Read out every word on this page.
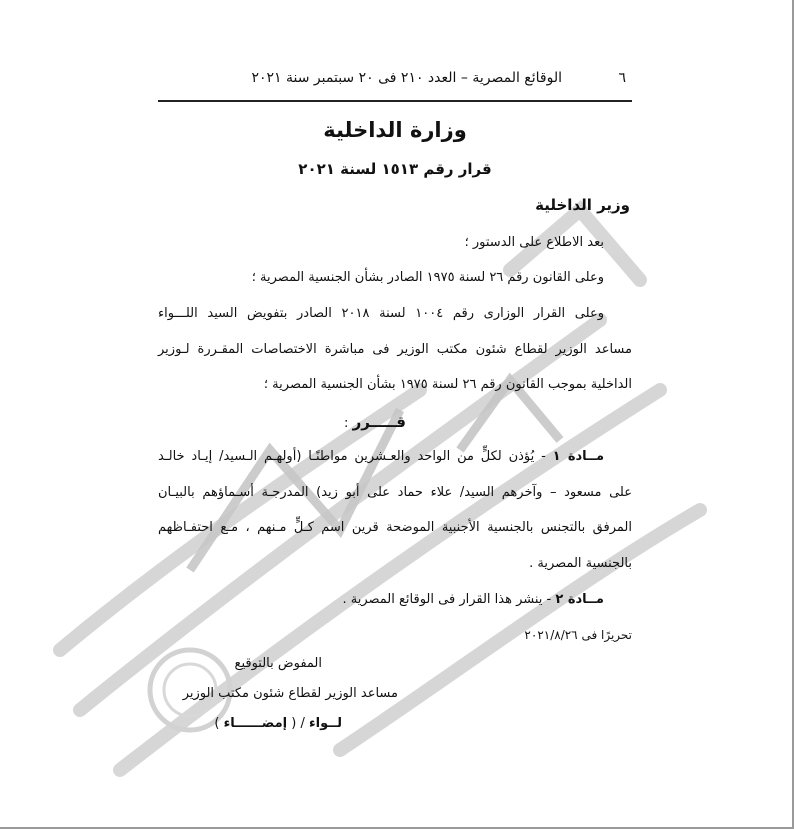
٦
الوقائع المصرية – العدد ٢١٠ فى ٢٠ سبتمبر سنة ٢٠٢١
وزارة الداخلية
قرار رقم ١٥١٣ لسنة ٢٠٢١
وزير الداخلية
بعد الاطلاع على الدستور ؛
وعلى القانون رقم ٢٦ لسنة ١٩٧٥ الصادر بشأن الجنسية المصرية ؛
وعلى القرار الوزارى رقم ١٠٠٤ لسنة ٢٠١٨ الصادر بتفويض السيد اللـــواء
مساعد الوزير لقطاع شئون مكتب الوزير فى مباشرة الاختصاصات المقـررة لـوزير
الداخلية بموجب القانون رقم ٢٦ لسنة ١٩٧٥ بشأن الجنسية المصرية ؛
قـــــرر :
مــادة ١ - يُؤذن لكلٍّ من الواحد والعـشرين مواطنًـا (أولهـم الـسيد/ إيـاد خالـد
على مسعود – وآخرهم السيد/ علاء حماد على أبو زيد) المدرجـة أسـماؤهم بالبيـان
المرفق بالتجنس بالجنسية الأجنبية الموضحة قرين اسم كـلٍّ مـنهم ، مـع احتفـاظهم
بالجنسية المصرية .
مــادة ٢ - ينشر هذا القرار فى الوقائع المصرية .
تحريرًا فى ٢٠٢١/٨/٢٦
المفوض بالتوقيع
مساعد الوزير لقطاع شئون مكتب الوزير
لــواء / ( إمضــــــاء )
